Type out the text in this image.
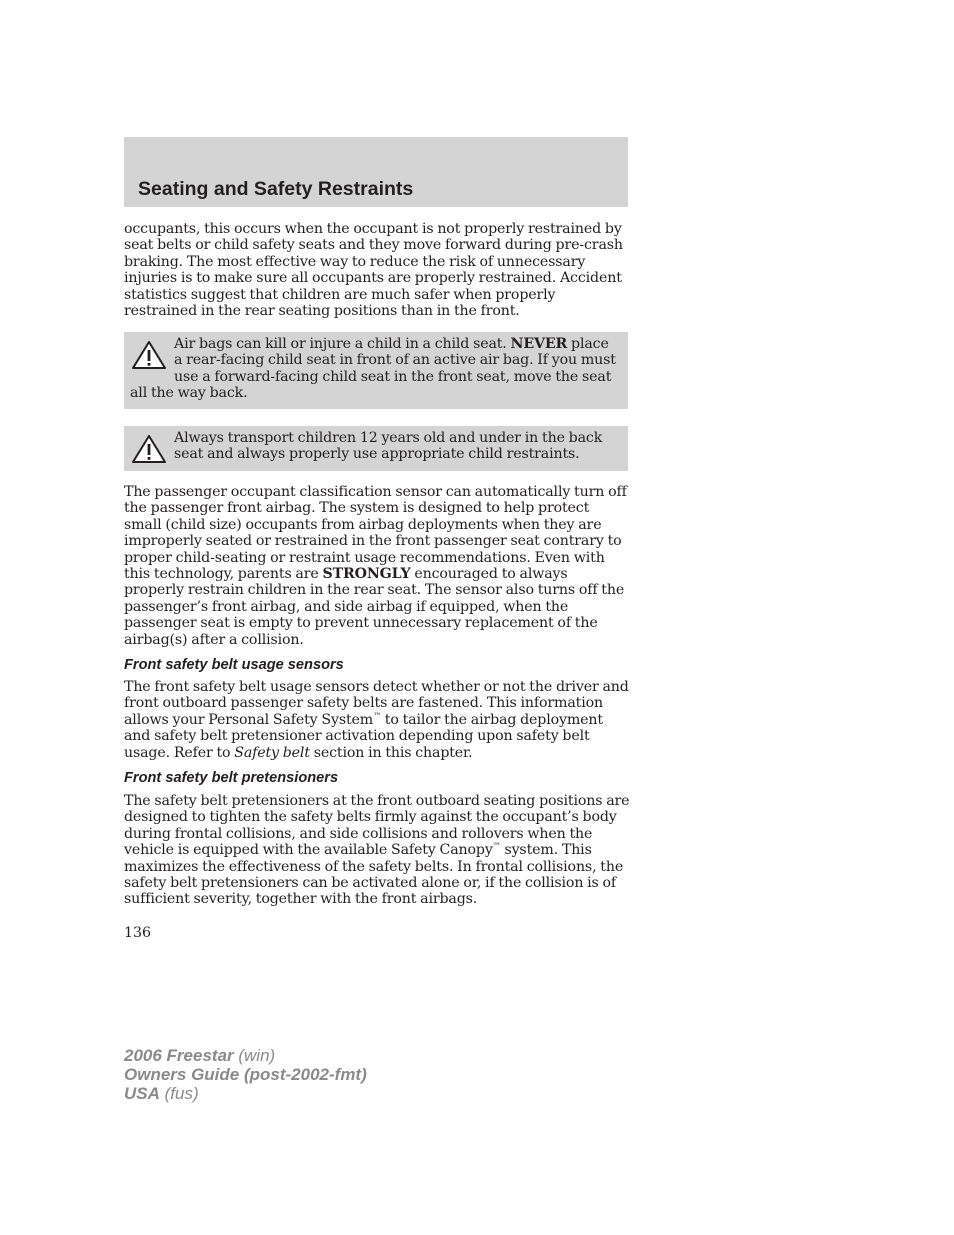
Seating and Safety Restraints

occupants, this occurs when the occupant is not properly restrained by seat belts or child safety seats and they move forward during pre-crash braking. The most effective way to reduce the risk of unnecessary injuries is to make sure all occupants are properly restrained. Accident statistics suggest that children are much safer when properly restrained in the rear seating positions than in the front.

Air bags can kill or injure a child in a child seat. NEVER place a rear-facing child seat in front of an active air bag. If you must use a forward-facing child seat in the front seat, move the seat all the way back.
Always transport children 12 years old and under in the back seat and always properly use appropriate child restraints.

The passenger occupant classification sensor can automatically turn off the passenger front airbag. The system is designed to help protect small (child size) occupants from airbag deployments when they are improperly seated or restrained in the front passenger seat contrary to proper child-seating or restraint usage recommendations. Even with this technology, parents are STRONGLY encouraged to always properly restrain children in the rear seat. The sensor also turns off the passenger’s front airbag, and side airbag if equipped, when the passenger seat is empty to prevent unnecessary replacement of the airbag(s) after a collision.

Front safety belt usage sensors

The front safety belt usage sensors detect whether or not the driver and front outboard passenger safety belts are fastened. This information allows your Personal Safety System™ to tailor the airbag deployment and safety belt pretensioner activation depending upon safety belt usage. Refer to Safety belt section in this chapter.

Front safety belt pretensioners

The safety belt pretensioners at the front outboard seating positions are designed to tighten the safety belts firmly against the occupant’s body during frontal collisions, and side collisions and rollovers when the vehicle is equipped with the available Safety Canopy™ system. This maximizes the effectiveness of the safety belts. In frontal collisions, the safety belt pretensioners can be activated alone or, if the collision is of sufficient severity, together with the front airbags.

136
2006 Freestar (win)
Owners Guide (post-2002-fmt)
USA (fus)
